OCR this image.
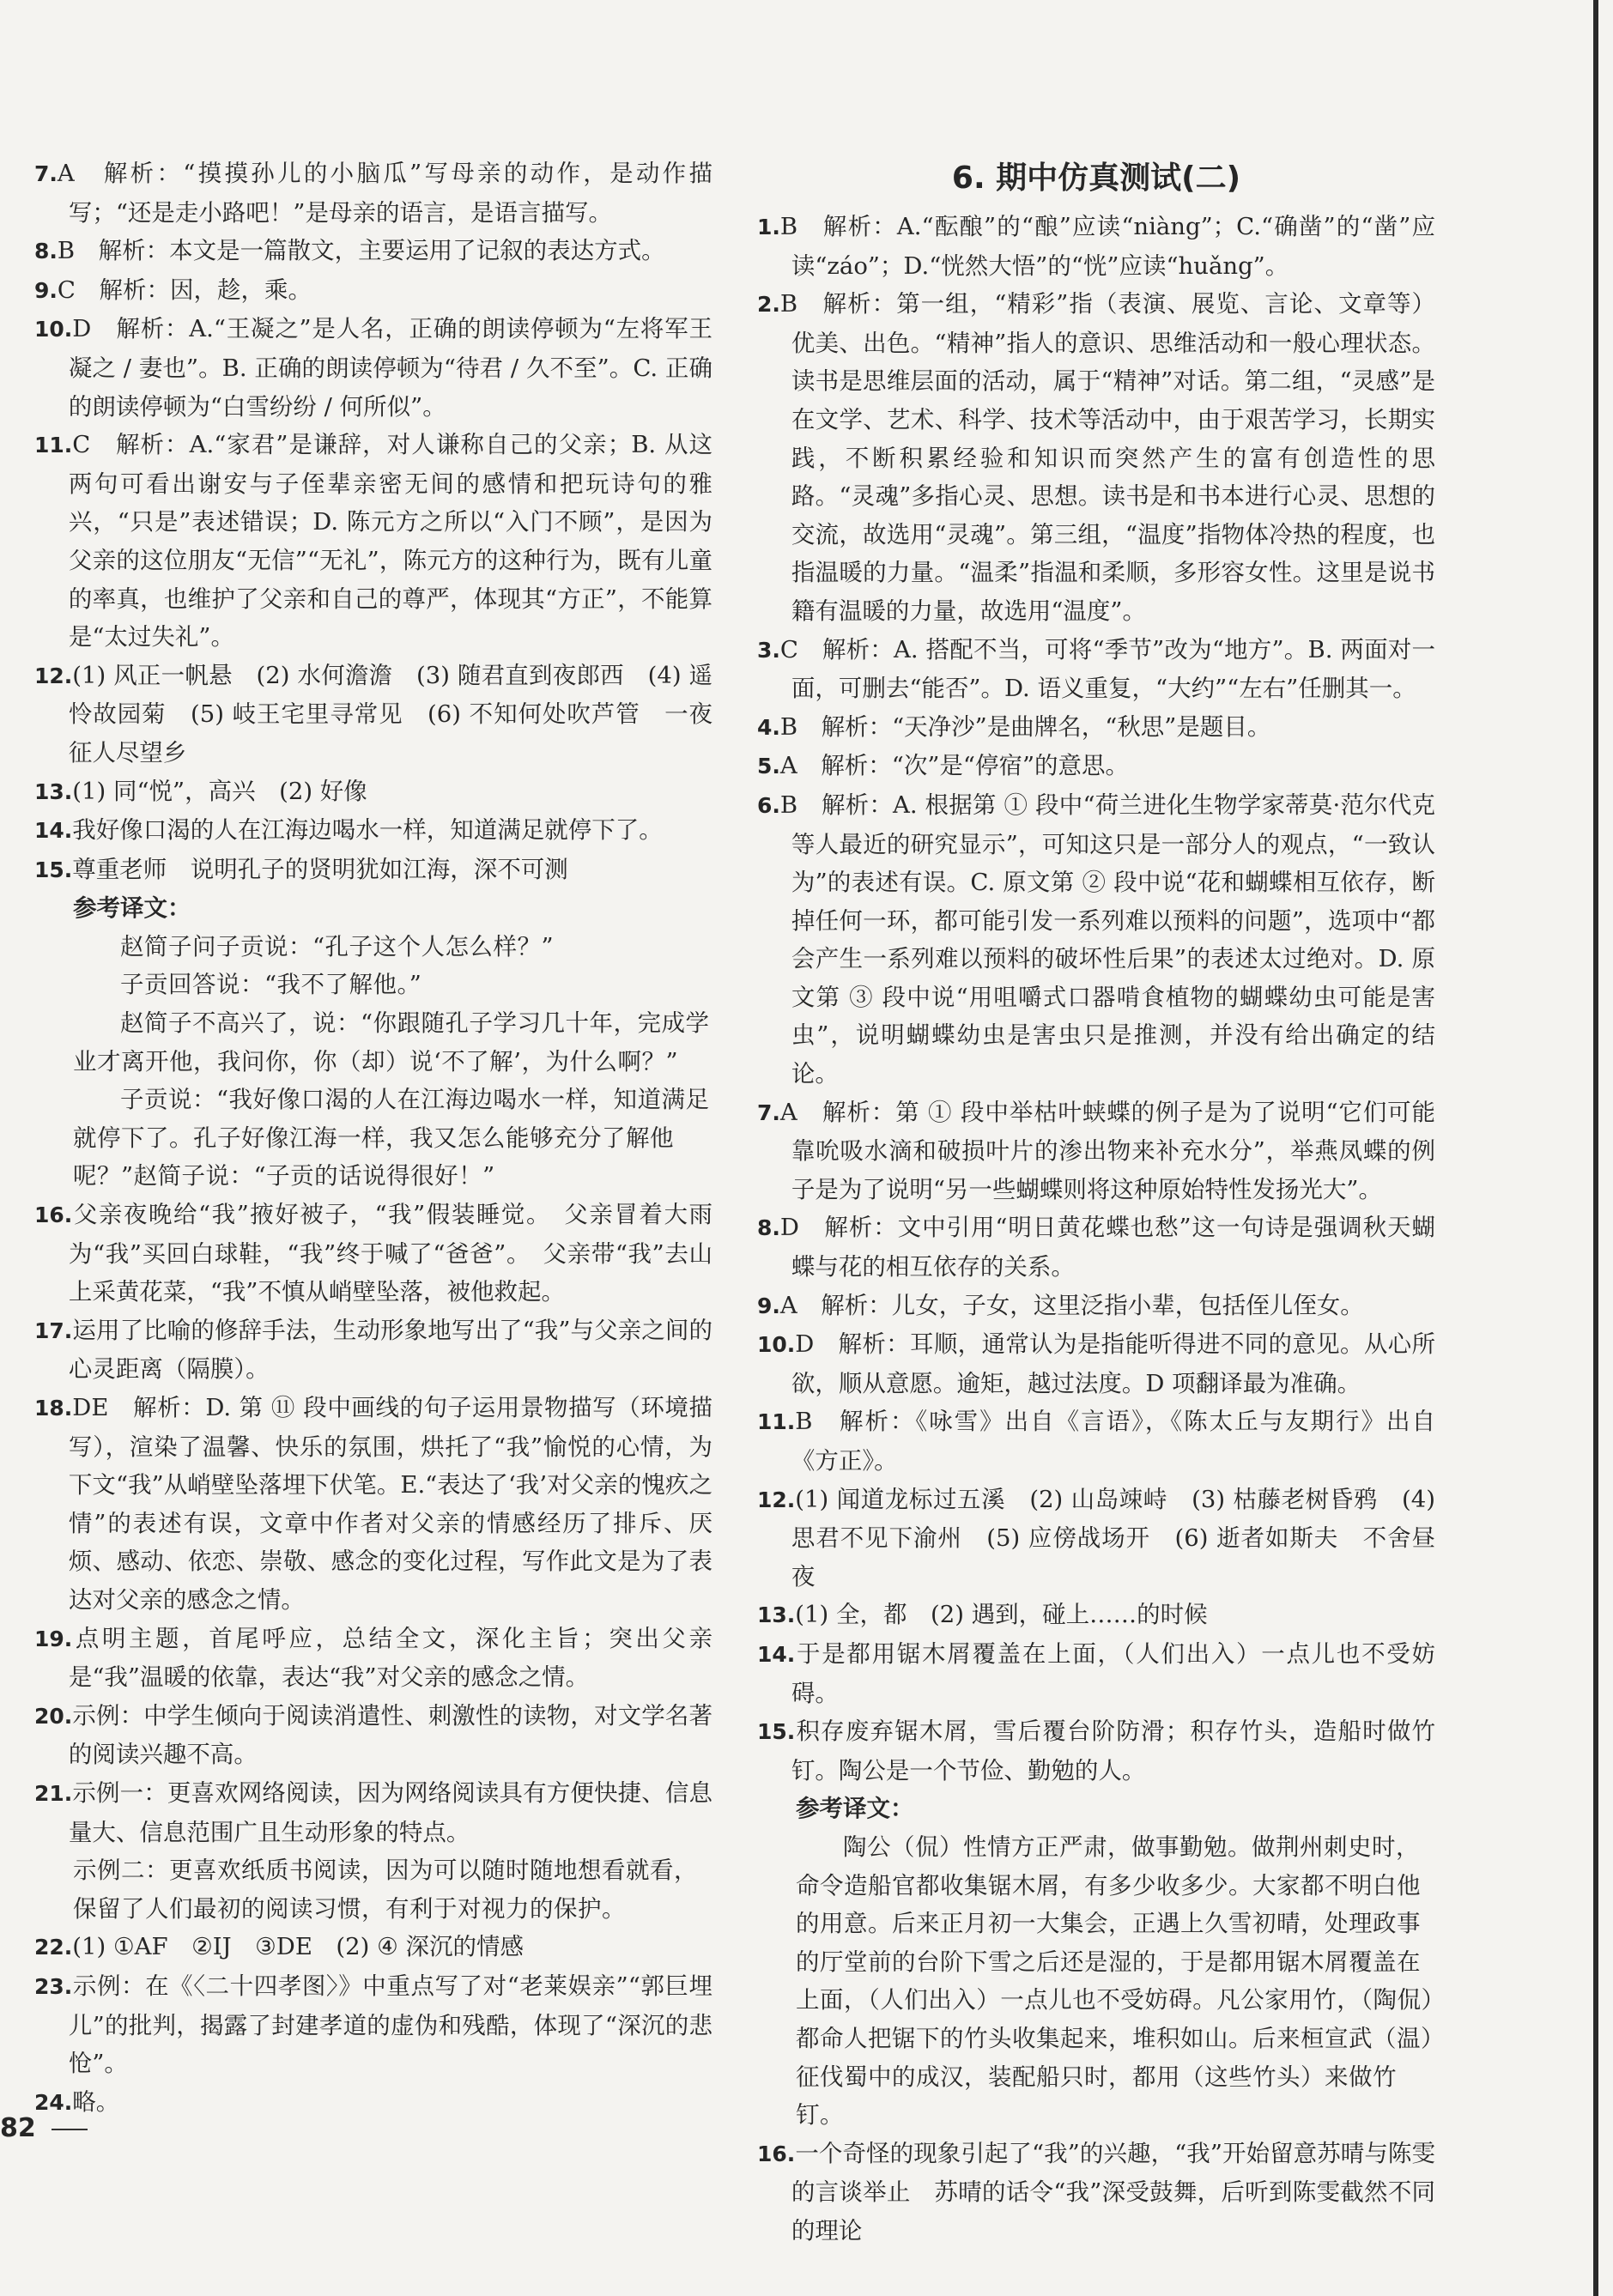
6. 期中仿真测试(二)

7.A　解析：“摸摸孙儿的小脑瓜”写母亲的动作，是动作描写；“还是走小路吧！”是母亲的语言，是语言描写。

8.B　解析：本文是一篇散文，主要运用了记叙的表达方式。

9.C　解析：因，趁，乘。

10.D　解析：A.“王凝之”是人名，正确的朗读停顿为“左将军王凝之 / 妻也”。B. 正确的朗读停顿为“待君 / 久不至”。C. 正确的朗读停顿为“白雪纷纷 / 何所似”。

11.C　解析：A.“家君”是谦辞，对人谦称自己的父亲；B. 从这两句可看出谢安与子侄辈亲密无间的感情和把玩诗句的雅兴，“只是”表述错误；D. 陈元方之所以“入门不顾”，是因为父亲的这位朋友“无信”“无礼”，陈元方的这种行为，既有儿童的率真，也维护了父亲和自己的尊严，体现其“方正”，不能算是“太过失礼”。

12.(1) 风正一帆悬　(2) 水何澹澹　(3) 随君直到夜郎西　(4) 遥怜故园菊　(5) 岐王宅里寻常见　(6) 不知何处吹芦管　一夜征人尽望乡

13.(1) 同“悦”，高兴　(2) 好像

14.我好像口渴的人在江海边喝水一样，知道满足就停下了。

15.尊重老师　说明孔子的贤明犹如江海，深不可测

参考译文：

赵简子问子贡说：“孔子这个人怎么样？”

子贡回答说：“我不了解他。”

赵简子不高兴了，说：“你跟随孔子学习几十年，完成学业才离开他，我问你，你（却）说‘不了解’，为什么啊？”

子贡说：“我好像口渴的人在江海边喝水一样，知道满足就停下了。孔子好像江海一样，我又怎么能够充分了解他呢？”赵简子说：“子贡的话说得很好！”

16.父亲夜晚给“我”掖好被子，“我”假装睡觉。　父亲冒着大雨为“我”买回白球鞋，“我”终于喊了“爸爸”。　父亲带“我”去山上采黄花菜，“我”不慎从峭壁坠落，被他救起。

17.运用了比喻的修辞手法，生动形象地写出了“我”与父亲之间的心灵距离（隔膜）。

18.DE　解析：D. 第 ⑪ 段中画线的句子运用景物描写（环境描写），渲染了温馨、快乐的氛围，烘托了“我”愉悦的心情，为下文“我”从峭壁坠落埋下伏笔。E.“表达了‘我’对父亲的愧疚之情”的表述有误，文章中作者对父亲的情感经历了排斥、厌烦、感动、依恋、崇敬、感念的变化过程，写作此文是为了表达对父亲的感念之情。

19.点明主题，首尾呼应，总结全文，深化主旨；突出父亲是“我”温暖的依靠，表达“我”对父亲的感念之情。

20.示例：中学生倾向于阅读消遣性、刺激性的读物，对文学名著的阅读兴趣不高。

21.示例一：更喜欢网络阅读，因为网络阅读具有方便快捷、信息量大、信息范围广且生动形象的特点。

示例二：更喜欢纸质书阅读，因为可以随时随地想看就看，保留了人们最初的阅读习惯，有利于对视力的保护。

22.(1) ①AF　②IJ　③DE　(2) ④ 深沉的情感

23.示例：在《〈二十四孝图〉》中重点写了对“老莱娱亲”“郭巨埋儿”的批判，揭露了封建孝道的虚伪和残酷，体现了“深沉的悲怆”。

24.略。

1.B　解析：A.“酝酿”的“酿”应读“niàng”；C.“确凿”的“凿”应读“záo”；D.“恍然大悟”的“恍”应读“huǎng”。

2.B　解析：第一组，“精彩”指（表演、展览、言论、文章等）优美、出色。“精神”指人的意识、思维活动和一般心理状态。读书是思维层面的活动，属于“精神”对话。第二组，“灵感”是在文学、艺术、科学、技术等活动中，由于艰苦学习，长期实践，不断积累经验和知识而突然产生的富有创造性的思路。“灵魂”多指心灵、思想。读书是和书本进行心灵、思想的交流，故选用“灵魂”。第三组，“温度”指物体冷热的程度，也指温暖的力量。“温柔”指温和柔顺，多形容女性。这里是说书籍有温暖的力量，故选用“温度”。

3.C　解析：A. 搭配不当，可将“季节”改为“地方”。B. 两面对一面，可删去“能否”。D. 语义重复，“大约”“左右”任删其一。

4.B　解析：“天净沙”是曲牌名，“秋思”是题目。

5.A　解析：“次”是“停宿”的意思。

6.B　解析：A. 根据第 ① 段中“荷兰进化生物学家蒂莫·范尔代克等人最近的研究显示”，可知这只是一部分人的观点，“一致认为”的表述有误。C. 原文第 ② 段中说“花和蝴蝶相互依存，断掉任何一环，都可能引发一系列难以预料的问题”，选项中“都会产生一系列难以预料的破坏性后果”的表述太过绝对。D. 原文第 ③ 段中说“用咀嚼式口器啃食植物的蝴蝶幼虫可能是害虫”，说明蝴蝶幼虫是害虫只是推测，并没有给出确定的结论。

7.A　解析：第 ① 段中举枯叶蛱蝶的例子是为了说明“它们可能靠吮吸水滴和破损叶片的渗出物来补充水分”，举燕凤蝶的例子是为了说明“另一些蝴蝶则将这种原始特性发扬光大”。

8.D　解析：文中引用“明日黄花蝶也愁”这一句诗是强调秋天蝴蝶与花的相互依存的关系。

9.A　解析：儿女，子女，这里泛指小辈，包括侄儿侄女。

10.D　解析：耳顺，通常认为是指能听得进不同的意见。从心所欲，顺从意愿。逾矩，越过法度。D 项翻译最为准确。

11.B　解析：《咏雪》出自《言语》，《陈太丘与友期行》出自《方正》。

12.(1) 闻道龙标过五溪　(2) 山岛竦峙　(3) 枯藤老树昏鸦　(4) 思君不见下渝州　(5) 应傍战场开　(6) 逝者如斯夫　不舍昼夜

13.(1) 全，都　(2) 遇到，碰上……的时候

14.于是都用锯木屑覆盖在上面，（人们出入）一点儿也不受妨碍。

15.积存废弃锯木屑，雪后覆台阶防滑；积存竹头，造船时做竹钉。陶公是一个节俭、勤勉的人。

参考译文：

陶公（侃）性情方正严肃，做事勤勉。做荆州刺史时，命令造船官都收集锯木屑，有多少收多少。大家都不明白他的用意。后来正月初一大集会，正遇上久雪初晴，处理政事的厅堂前的台阶下雪之后还是湿的，于是都用锯木屑覆盖在上面，（人们出入）一点儿也不受妨碍。凡公家用竹，（陶侃）都命人把锯下的竹头收集起来，堆积如山。后来桓宣武（温）征伐蜀中的成汉，装配船只时，都用（这些竹头）来做竹钉。

16.一个奇怪的现象引起了“我”的兴趣，“我”开始留意苏晴与陈雯的言谈举止　苏晴的话令“我”深受鼓舞，后听到陈雯截然不同的理论

82
